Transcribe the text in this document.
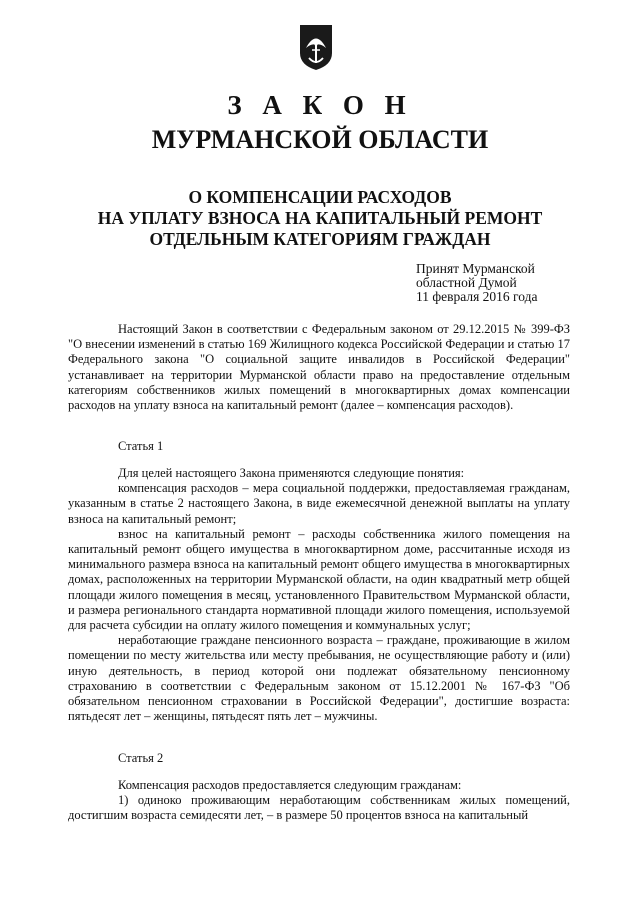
З А К О Н
МУРМАНСКОЙ ОБЛАСТИ
О КОМПЕНСАЦИИ РАСХОДОВ
НА УПЛАТУ ВЗНОСА НА КАПИТАЛЬНЫЙ РЕМОНТ
ОТДЕЛЬНЫМ КАТЕГОРИЯМ ГРАЖДАН
Принят Мурманской
областной Думой
11 февраля 2016 года

Настоящий Закон в соответствии с Федеральным законом от 29.12.2015 № 399-ФЗ "О внесении изменений в статью 169 Жилищного кодекса Российской Федерации и статью 17 Федерального закона "О социальной защите инвалидов в Российской Федерации" устанавливает на территории Мурманской области право на предоставление отдельным категориям собственников жилых помещений в многоквартирных домах компенсации расходов на уплату взноса на капитальный ремонт (далее – компенсация расходов).

Статья 1

Для целей настоящего Закона применяются следующие понятия:

компенсация расходов – мера социальной поддержки, предоставляемая гражданам, указанным в статье 2 настоящего Закона, в виде ежемесячной денежной выплаты на уплату взноса на капитальный ремонт;

взнос на капитальный ремонт – расходы собственника жилого помещения на капитальный ремонт общего имущества в многоквартирном доме, рассчитанные исходя из минимального размера взноса на капитальный ремонт общего имущества в многоквартирных домах, расположенных на территории Мурманской области, на один квадратный метр общей площади жилого помещения в месяц, установленного Правительством Мурманской области, и размера регионального стандарта нормативной площади жилого помещения, используемой для расчета субсидии на оплату жилого помещения и коммунальных услуг;

неработающие граждане пенсионного возраста – граждане, проживающие в жилом помещении по месту жительства или месту пребывания, не осуществляющие работу и (или) иную деятельность, в период которой они подлежат обязательному пенсионному страхованию в соответствии с Федеральным законом от 15.12.2001 № 167-ФЗ "Об обязательном пенсионном страховании в Российской Федерации", достигшие возраста: пятьдесят лет – женщины, пятьдесят пять лет – мужчины.

Статья 2

Компенсация расходов предоставляется следующим гражданам:

1) одиноко проживающим неработающим собственникам жилых помещений, достигшим возраста семидесяти лет, – в размере 50 процентов взноса на капитальный
